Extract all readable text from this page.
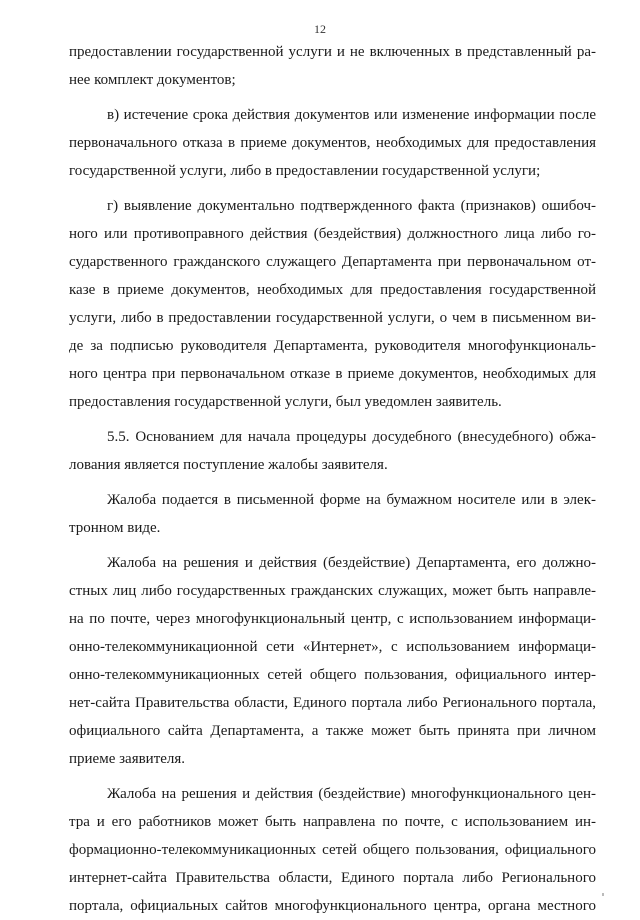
12
предоставлении государственной услуги и не включенных в представленный ра-
нее комплект документов;
в) истечение срока действия документов или изменение информации после
первоначального отказа в приеме документов, необходимых для предоставления
государственной услуги, либо в предоставлении государственной услуги;
г) выявление документально подтвержденного факта (признаков) ошибоч-
ного или противоправного действия (бездействия) должностного лица либо го-
сударственного гражданского служащего Департамента при первоначальном от-
казе в приеме документов, необходимых для предоставления государственной
услуги, либо в предоставлении государственной услуги, о чем в письменном ви-
де за подписью руководителя Департамента, руководителя многофункциональ-
ного центра при первоначальном отказе в приеме документов, необходимых для
предоставления государственной услуги, был уведомлен заявитель.
5.5. Основанием для начала процедуры досудебного (внесудебного) обжа-
лования является поступление жалобы заявителя.
Жалоба подается в письменной форме на бумажном носителе или в элек-
тронном виде.
Жалоба на решения и действия (бездействие) Департамента, его должно-
стных лиц либо государственных гражданских служащих, может быть направле-
на по почте, через многофункциональный центр, с использованием информаци-
онно-телекоммуникационной сети «Интернет», с использованием информаци-
онно-телекоммуникационных сетей общего пользования, официального интер-
нет-сайта Правительства области, Единого портала либо Регионального портала,
официального сайта Департамента, а также может быть принята при личном
приеме заявителя.
Жалоба на решения и действия (бездействие) многофункционального цен-
тра и его работников может быть направлена по почте, с использованием ин-
формационно-телекоммуникационных сетей общего пользования, официального
интернет-сайта Правительства области, Единого портала либо Регионального
портала, официальных сайтов многофункционального центра, органа местного
